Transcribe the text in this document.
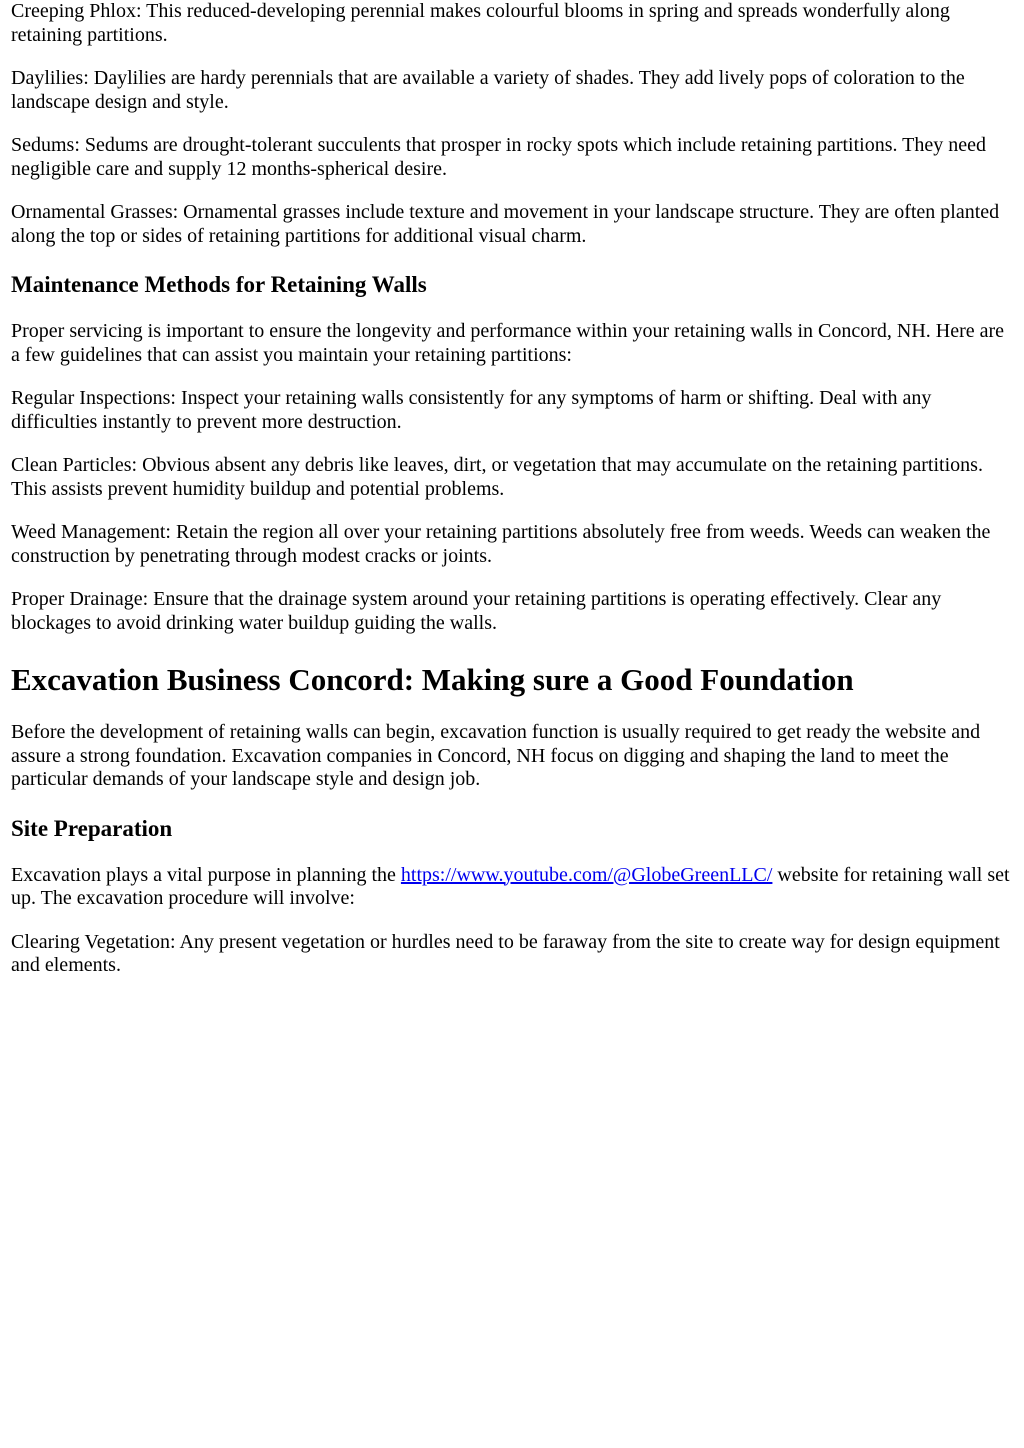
Creeping Phlox: This reduced-developing perennial makes colourful blooms in spring and spreads wonderfully along retaining partitions.

Daylilies: Daylilies are hardy perennials that are available a variety of shades. They add lively pops of coloration to the landscape design and style.

Sedums: Sedums are drought-tolerant succulents that prosper in rocky spots which include retaining partitions. They need negligible care and supply 12 months-spherical desire.

Ornamental Grasses: Ornamental grasses include texture and movement in your landscape structure. They are often planted along the top or sides of retaining partitions for additional visual charm.

Maintenance Methods for Retaining Walls

Proper servicing is important to ensure the longevity and performance within your retaining walls in Concord, NH. Here are a few guidelines that can assist you maintain your retaining partitions:

Regular Inspections: Inspect your retaining walls consistently for any symptoms of harm or shifting. Deal with any difficulties instantly to prevent more destruction.

Clean Particles: Obvious absent any debris like leaves, dirt, or vegetation that may accumulate on the retaining partitions. This assists prevent humidity buildup and potential problems.

Weed Management: Retain the region all over your retaining partitions absolutely free from weeds. Weeds can weaken the construction by penetrating through modest cracks or joints.

Proper Drainage: Ensure that the drainage system around your retaining partitions is operating effectively. Clear any blockages to avoid drinking water buildup guiding the walls.

Excavation Business Concord: Making sure a Good Foundation

Before the development of retaining walls can begin, excavation function is usually required to get ready the website and assure a strong foundation. Excavation companies in Concord, NH focus on digging and shaping the land to meet the particular demands of your landscape style and design job.

Site Preparation

Excavation plays a vital purpose in planning the https://www.youtube.com/@GlobeGreenLLC/ website for retaining wall set up. The excavation procedure will involve:

Clearing Vegetation: Any present vegetation or hurdles need to be faraway from the site to create way for design equipment and elements.
